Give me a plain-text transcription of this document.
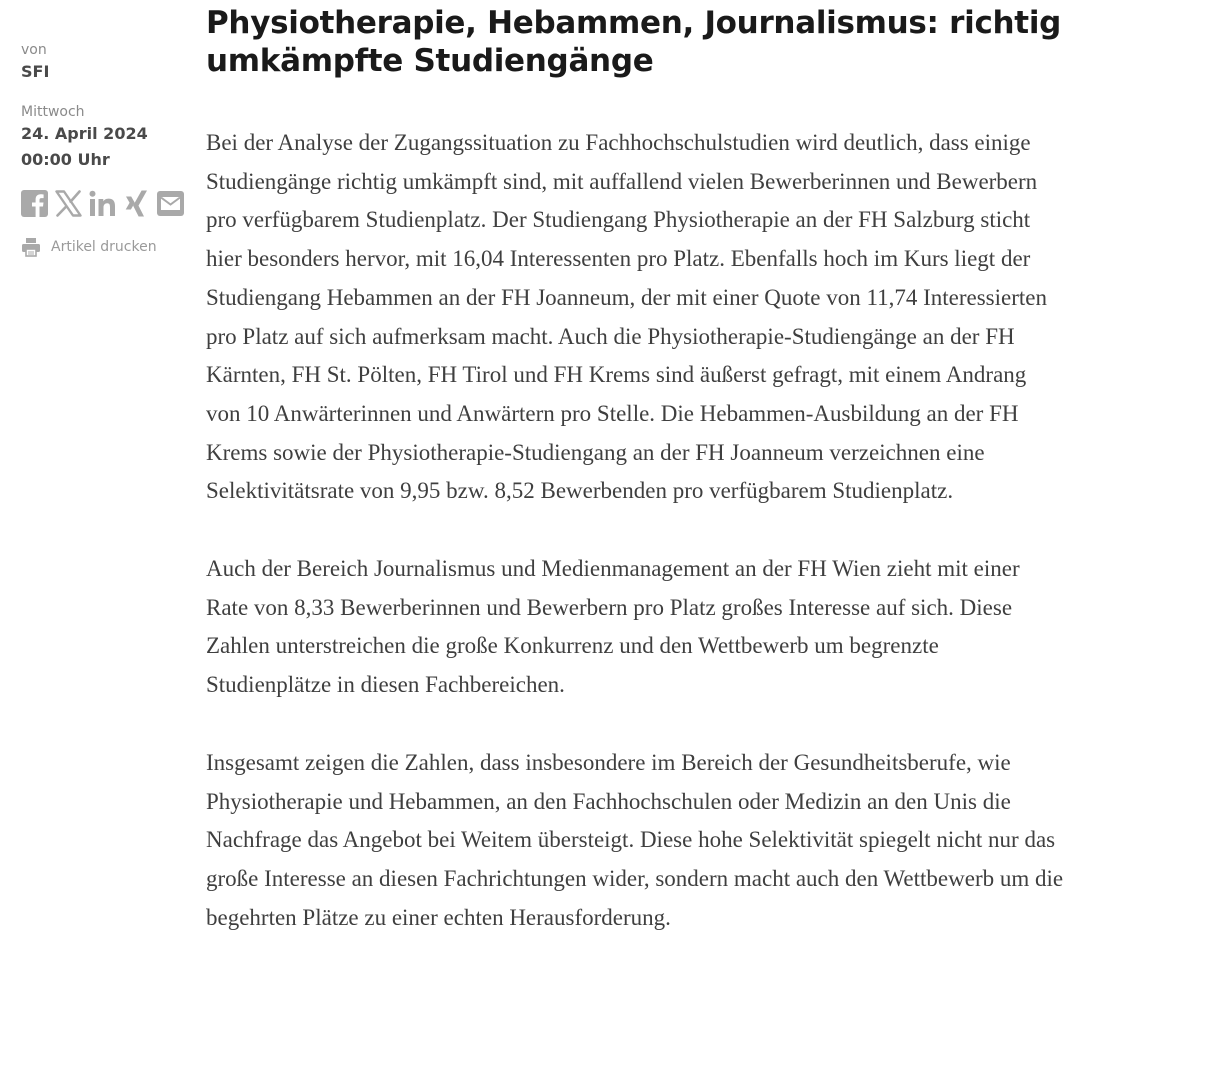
von
SFI
Mittwoch
24. April 2024
00:00 Uhr
Artikel drucken
Physiotherapie, Hebammen, Journalismus: richtig umkämpfte Studiengänge

Bei der Analyse der Zugangssituation zu Fachhochschulstudien wird deutlich, dass einige Studiengänge richtig umkämpft sind, mit auffallend vielen Bewerberinnen und Bewerbern pro verfügbarem Studienplatz. Der Studiengang Physiotherapie an der FH Salzburg sticht hier besonders hervor, mit 16,04 Interessenten pro Platz. Ebenfalls hoch im Kurs liegt der Studiengang Hebammen an der FH Joanneum, der mit einer Quote von 11,74 Interessierten pro Platz auf sich aufmerksam macht. Auch die Physiotherapie-Studiengänge an der FH Kärnten, FH St. Pölten, FH Tirol und FH Krems sind äußerst gefragt, mit einem Andrang von 10 Anwärterinnen und Anwärtern pro Stelle. Die Hebammen-Ausbildung an der FH Krems sowie der Physiotherapie-Studiengang an der FH Joanneum verzeichnen eine Selektivitätsrate von 9,95 bzw. 8,52 Bewerbenden pro verfügbarem Studienplatz.

Auch der Bereich Journalismus und Medienmanagement an der FH Wien zieht mit einer Rate von 8,33 Bewerberinnen und Bewerbern pro Platz großes Interesse auf sich. Diese Zahlen unterstreichen die große Konkurrenz und den Wettbewerb um begrenzte Studienplätze in diesen Fachbereichen.

Insgesamt zeigen die Zahlen, dass insbesondere im Bereich der Gesundheitsberufe, wie Physiotherapie und Hebammen, an den Fachhochschulen oder Medizin an den Unis die Nachfrage das Angebot bei Weitem übersteigt. Diese hohe Selektivität spiegelt nicht nur das große Interesse an diesen Fachrichtungen wider, sondern macht auch den Wettbewerb um die begehrten Plätze zu einer echten Herausforderung.
